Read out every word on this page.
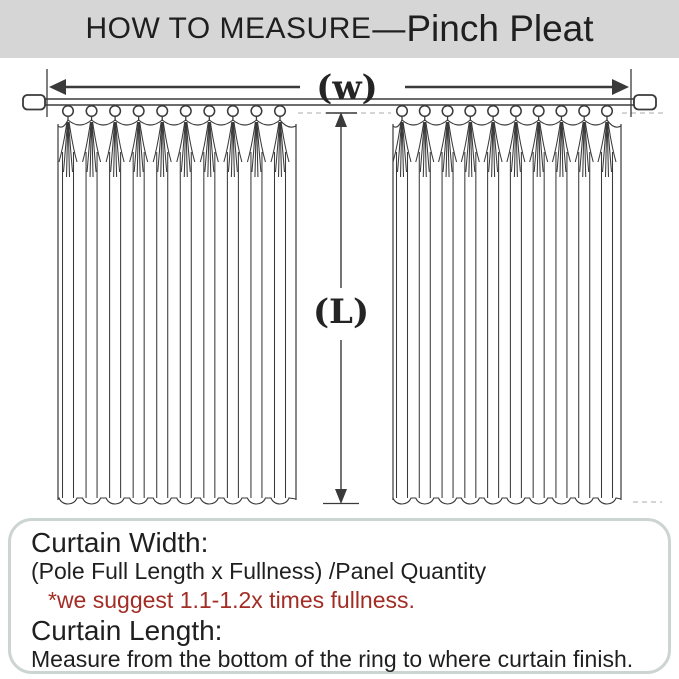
HOW TO MEASURE — Pinch Pleat
(w)
(L)
Curtain Width:
(Pole Full Length x Fullness) /Panel Quantity
*we suggest 1.1-1.2x times fullness.
Curtain Length:
Measure from the bottom of the ring to where curtain finish.
